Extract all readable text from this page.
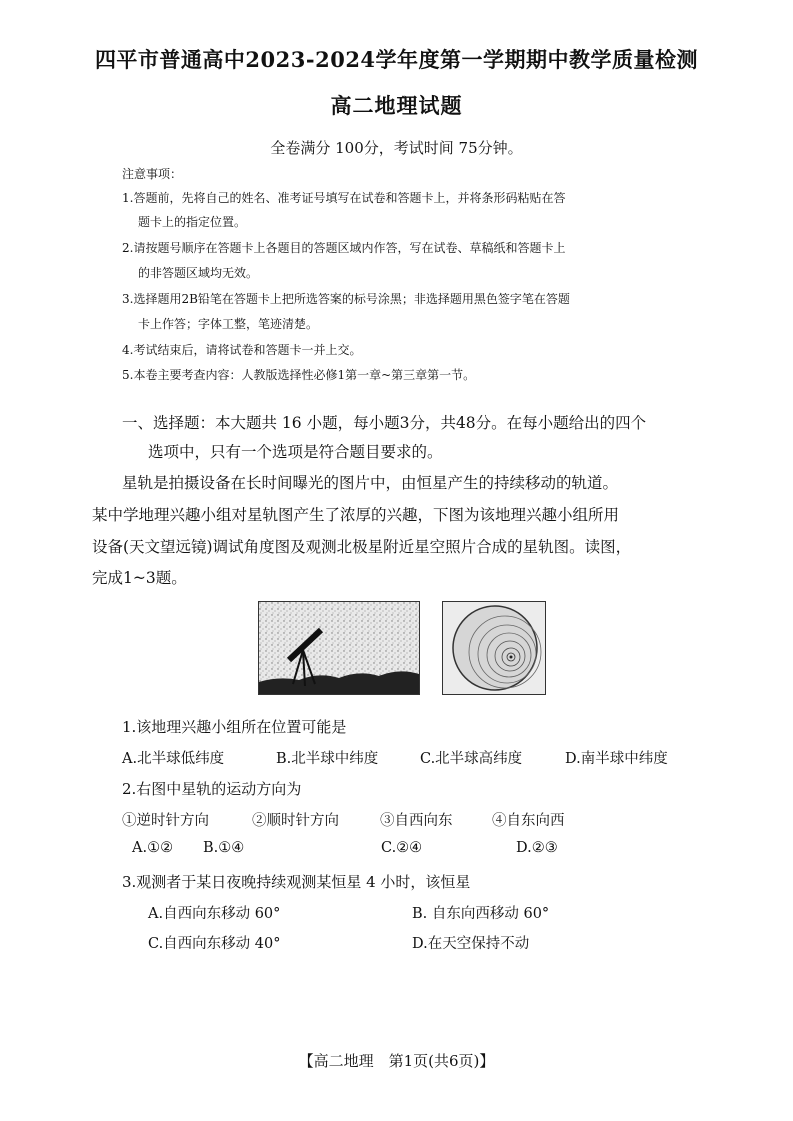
四平市普通高中2023-2024学年度第一学期期中教学质量检测
高二地理试题
全卷满分 100分，考试时间 75分钟。
注意事项：
1.答题前，先将自己的姓名、准考证号填写在试卷和答题卡上，并将条形码粘贴在答
题卡上的指定位置。
2.请按题号顺序在答题卡上各题目的答题区域内作答，写在试卷、草稿纸和答题卡上
的非答题区域均无效。
3.选择题用2B铅笔在答题卡上把所选答案的标号涂黑；非选择题用黑色签字笔在答题
卡上作答；字体工整，笔迹清楚。
4.考试结束后，请将试卷和答题卡一并上交。
5.本卷主要考查内容：人教版选择性必修1第一章~第三章第一节。
一、选择题：本大题共 16 小题，每小题3分，共48分。在每小题给出的四个
选项中，只有一个选项是符合题目要求的。
星轨是拍摄设备在长时间曝光的图片中，由恒星产生的持续移动的轨道。
某中学地理兴趣小组对星轨图产生了浓厚的兴趣，下图为该地理兴趣小组所用
设备(天文望远镜)调试角度图及观测北极星附近星空照片合成的星轨图。读图，
完成1~3题。
1.该地理兴趣小组所在位置可能是
A.北半球低纬度	B.北半球中纬度	C.北半球高纬度	D.南半球中纬度
2.右图中星轨的运动方向为
①逆时针方向	②顺时针方向	③自西向东	④自东向西
A.①② B.①④	C.②④	D.②③
3.观测者于某日夜晚持续观测某恒星 4 小时，该恒星
A.自西向东移动 60°	B. 自东向西移动 60°
C.自西向东移动 40°	D.在天空保持不动
【高二地理　第1页(共6页)】
